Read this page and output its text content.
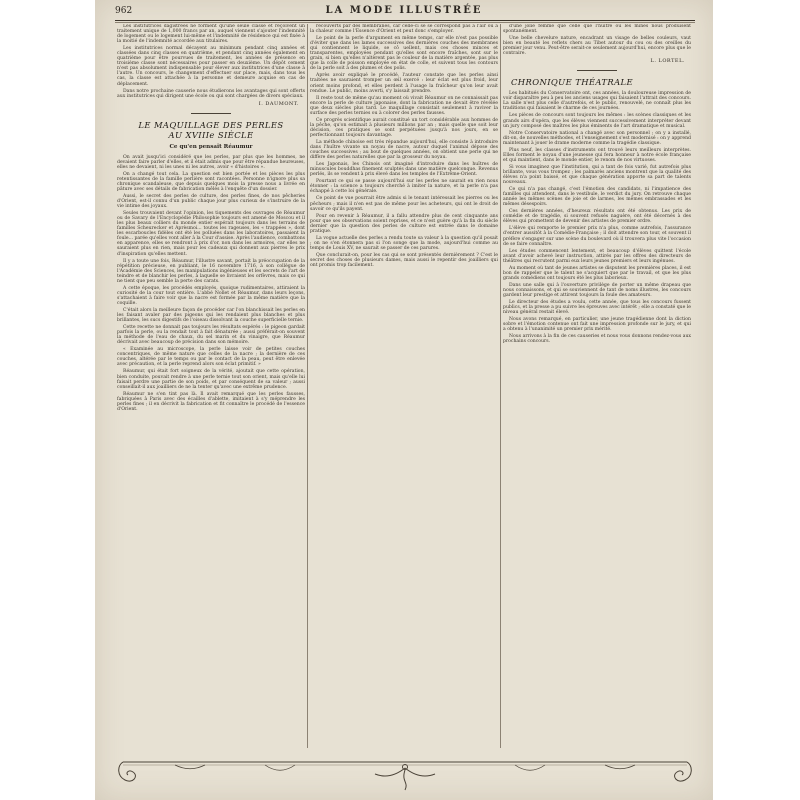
962	LA MODE ILLUSTRÉE

Les institutrices dagistrées ne forment qu'une seule classe et reçoivent un traitement unique de 1,000 francs par an, auquel viennent s'ajouter l'indemnité de logement ou le logement lui-même et l'indemnité de résidence qui est fixée à la moitié de l'indemnité accordée aux titulaires.

Les institutrices normal décayent au minimum pendant cinq années et classées dans cinq classes en quatrième, et pendant cinq années également en quatrième pour être pourvues de traitement, les années de présence en troisième classe sont nécessaires pour passer en deuxième. Un dépôt cement n'est pas absolument indispensable pour élever aux institutrices d'une classe à l'autre. Un concours, le changement d'effectuer sur place, mais, dans tous les cas, la classe est attachée à la personne et demeure acquise en cas de déplacement.

Dans notre prochaine causerie nous étudierons les avantages qui sont offerts aux institutrices qui dirigent une école ou qui sont chargées de divers spéciaux.

I. DAUMONT.
LE MAQUILLAGE DES PERLES
AU XVIIIe SIÈCLE
Ce qu'en pensait Réaumur

On avait jusqu'ici considéré que les perles, par plus que les hommes, ne devaient faire parler d'elles, et il était admis que pour être répandue heureuses, elles ne devaient, ni les unes ni les autres, avoir « d'histoires ».

On a changé tout cela. La question est bien portée et les pièces les plus retentissantes de la famille perlière sont racontées. Personne n'ignore plus sa chronique scandaleuse, que depuis quelques mois la presse nous a livrée en pâture avec ses détails de fabrication mêlés à l'enquête d'un dossier.

Aussi, le secret des perles de culture, des perles fines, de nos pêcheries d'Orient, est-il connu d'un public chaque jour plus curieux de s'instruire de la vie intime des joyaux.

Seules trouvaient devant l'opinion, les tiquements des ouvrages de Réaumur ou de Savary de l'Encyclopédie Philosophie toujours est amené de Moscou et il les plus beaux colliers du monde entier espérait toujours dans les terrains de familles Scheurecker et Aprèsmoi... toutes les rageuses, les « trappées », dont les escarboucles fidèles ont été les polluées dans les laboratoires, passaient la foule... parée qu'elles vont aller à la Cour d'assise. Après l'audience, combattons en apparence, elles se rendront à prix d'or, non dans les armoires, car elles ne sauraient plus en rien, mais pour les cadeaux qui donnent aux pierres le prix d'inspiration qu'elles mettent.

Il y a toute une fois, Réaumur, l'illustre savant, portait la préoccupation de la répétition précieuse, en publiant, le 16 novembre 1716, à son collègue de l'Académie des Sciences, les manipulations ingénieuses et les secrets de l'art de teindre et de blanchir les perles, à laquelle se livraient les orfèvres, mais ce qui ne tient que peu semble la perte des carats.

A cette époque, les procédés employés, quoique rudimentaires, attiraient la curiosité de la cour tout entière. L'abbé Nollet et Réaumur, dans leurs leçons, s'attachaient à faire voir que la nacre est formée par la même matière que la coquille.

C'était alors la meilleure façon de procéder car l'on blanchissait les perles en les faisant avaler par des pigeons qui les rendaient plus blanches et plus brillantes, les sucs digestifs de l'oiseau dissolvant la couche superficielle ternie.

Cette recette ne donnait pas toujours les résultats espérés : le pigeon gardait parfois la perle, ou la rendait tout à fait dénaturée ; aussi préférait-on souvent la méthode de l'eau de chaux, du sel marin et du vinaigre, que Réaumur décrivait avec beaucoup de précision dans son mémoire.

« Examinée au microscope, la perle laisse voir de petites couches concentriques, de même nature que celles de la nacre ; la dernière de ces couches, altérée par le temps ou par le contact de la peau, peut être enlevée avec précaution, et la perle reprend alors son éclat primitif. »

Réaumur, qui était fort soigneux de la vérité, ajoutait que cette opération, bien conduite, pouvait rendre à une perle ternie tout son orient, mais qu'elle lui faisait perdre une partie de son poids, et par conséquent de sa valeur ; aussi conseillait-il aux joailliers de ne la tenter qu'avec une extrême prudence.

Réaumur ne s'en tint pas là. Il avait remarqué que les perles fausses, fabriquées à Paris avec des écailles d'ablette, imitaient à s'y méprendre les perles fines ; il en décrivit la fabrication et fit connaître le procédé de l'essence d'Orient.

recouverts par des membranes, car celle-ci se se correspond pas à l'air ou à la chaleur comme l'Essence d'Orient et peut donc s'employer.

Le point de la perle d'argument en même temps, car elle n'est pas possible d'éviter que dans les lames successives des dernières couches des membranes qui contiennent le liquide, se cô uellent, mais ces choses minces et transparentes, employées pendant qu'elles sont encore fraîches, sont sur le grain, si bien qu'elles n'altèrent pas le couleur de la matière argentée, pas plus que la colle de poisson employée en état de colle, et suivent tous les contours de la perle soit à des plumes et des polis.

Après avoir expliqué le procédé, l'auteur constate que les perles ainsi traitées ne sauraient tromper un œil exercé : leur éclat est plus froid, leur orient moins profond, et elles perdent à l'usage la fraîcheur qu'on leur avait rendue. Le public, moins averti, s'y laissait prendre.

Il reste tout de même qu'au moment où vivait Réaumur on ne connaissait pas encore la perle de culture japonaise, dont la fabrication ne devait être révélée que deux siècles plus tard. Le maquillage consistait seulement à raviver la surface des perles ternies ou à colorer des perles fausses.

Ce progrès scientifique aurait constitué un tort considérable aux hommes de la pêche, qu'on estimait à plusieurs millions par an ; mais quelle que soit leur décision, ces pratiques se sont perpétuées jusqu'à nos jours, en se perfectionnant toujours davantage.

La méthode chinoise est très répandue aujourd'hui, elle consiste à introduire dans l'huître vivante un noyau de nacre, autour duquel l'animal dépose des couches successives ; au bout de quelques années, on obtient une perle qui ne diffère des perles naturelles que par la grosseur du noyau.

Les Japonais, les Chinois ont imaginé d'introduire dans les huîtres de minuscules bouddhas finement sculptés dans une matière quelconque. Revenus perlés, ils se vendent à prix élevé dans les temples de l'Extrême-Orient.

Pourtant ce qui se passe aujourd'hui sur les perles ne saurait en rien nous étonner : la science a toujours cherché à imiter la nature, et la perle n'a pas échappé à cette loi générale.

Ce point de vue pourrait être admis si le tenant intéressait les pierres ou les pêcheurs ; mais il n'en est pas de même pour les acheteurs, qui ont le droit de savoir ce qu'ils payent.

Pour en revenir à Réaumur, il a fallu attendre plus de cent cinquante ans pour que ses observations soient reprises, et ce n'est guère qu'à la fin du siècle dernier que la question des perles de culture est entrée dans le domaine pratique.

La vogue actuelle des perles a rendu toute sa valeur à la question qu'il posait ; on ne s'en étonnera pas si l'on songe que la mode, aujourd'hui comme au temps de Louis XV, ne saurait se passer de ces parures.

Que conclurait-on, pour les cas qui se sont présentés dernièrement ? C'est le secret des choses de plusieurs dames, mais aussi le repentir des joailliers qui ont promis trop facilement.

d'une jolie femme que celle que l'huître ou les mines nous produisent spontanément.

Une belle chevelure nature, encadrant un visage de belles couleurs, vaut bien en beauté les reflets chers au Tibet autour du cou ou des oreilles du premier jour venu. Peut-être serait-ce seulement aujourd'hui, encore plus que le contraire.

L. LORTEL.
CHRONIQUE THÉATRALE

Les habitués du Conservatoire ont, ces années, la douloureuse impression de voir disparaître peu à peu les anciens usages qui faisaient l'attrait des concours. La salle n'est plus celle d'autrefois, et le public, renouvelé, ne connaît plus les traditions qui faisaient le charme de ces journées.

Les pièces de concours sont toujours les mêmes : les scènes classiques et les grands airs d'opéra, que les élèves viennent successivement interpréter devant un jury composé des maîtres les plus éminents de l'art dramatique et musical.

Notre Conservatoire national a changé avec son personnel ; on y a installé, dit-on, de nouvelles méthodes, et l'enseignement s'est modernisé : on y apprend maintenant à jouer le drame moderne comme la tragédie classique.

Plus neuf, les classes d'instruments ont trouvé leurs meilleurs interprètes. Elles forment le noyau d'une jeunesse qui fera honneur à notre école française et qui maintient, dans le monde entier, le renom de nos virtuoses.

Si vous imaginez que l'institution, qui a tant de fois varié, fut autrefois plus brillante, vous vous trompez ; les palmarès anciens montrent que la qualité des élèves n'a point baissé, et que chaque génération apporte sa part de talents nouveaux.

Ce qui n'a pas changé, c'est l'émotion des candidats, ni l'impatience des familles qui attendent, dans le vestibule, le verdict du jury. On retrouve chaque année les mêmes scènes de joie et de larmes, les mêmes embrassades et les mêmes désespoirs.

Ces dernières années, d'heureux résultats ont été obtenus. Les prix de comédie et de tragédie, si souvent refusés naguère, ont été décernés à des élèves qui promettent de devenir des artistes de premier ordre.

L'élève qui remporte le premier prix n'a plus, comme autrefois, l'assurance d'entrer aussitôt à la Comédie-Française ; il doit attendre son tour, et souvent il préfère s'engager sur une scène du boulevard où il trouvera plus vite l'occasion de se faire connaître.

Les études commencent lentement, et beaucoup d'élèves quittent l'école avant d'avoir achevé leur instruction, attirés par les offres des directeurs de théâtres qui recrutent parmi eux leurs jeunes premiers et leurs ingénues.

Au moment où tant de jeunes artistes se disputent les premières places, il est bon de rappeler que le talent ne s'acquiert que par le travail, et que les plus grands comédiens ont toujours été les plus laborieux.

Dans une salle qui à l'ouverture privilège de porter un même drapeau que nous connaissons, et qui se souviennent de tant de noms illustres, les concours gardent leur prestige et attirent toujours la foule des amateurs.

Le directeur des études a voulu, cette année, que tous les concours fussent publics, et la presse a pu suivre les épreuves avec intérêt ; elle a constaté que le niveau général restait élevé.

Nous avons remarqué, en particulier, une jeune tragédienne dont la diction sobre et l'émotion contenue ont fait une impression profonde sur le jury, et qui a obtenu à l'unanimité un premier prix mérité.

Nous arrivons à la fin de ces causeries et nous vous donnons rendez-vous aux prochains concours.
